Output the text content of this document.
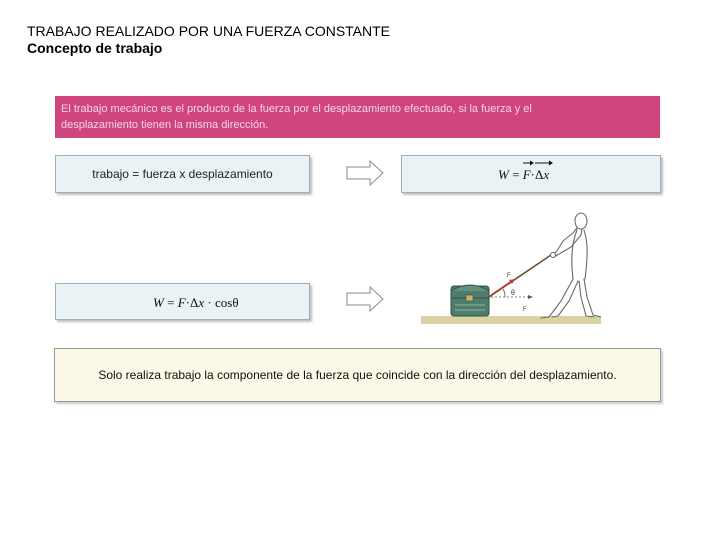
TRABAJO REALIZADO POR UNA FUERZA CONSTANTE
Concepto de trabajo
El trabajo mecánico es el producto de la fuerza por el desplazamiento efectuado, si la fuerza y el
desplazamiento tienen la misma dirección.
trabajo = fuerza x desplazamiento	W =
F·
Δx
W = F·Δx · cosθ
F
θ
F
Solo realiza trabajo la componente de la fuerza que coincide con la dirección del desplazamiento.
